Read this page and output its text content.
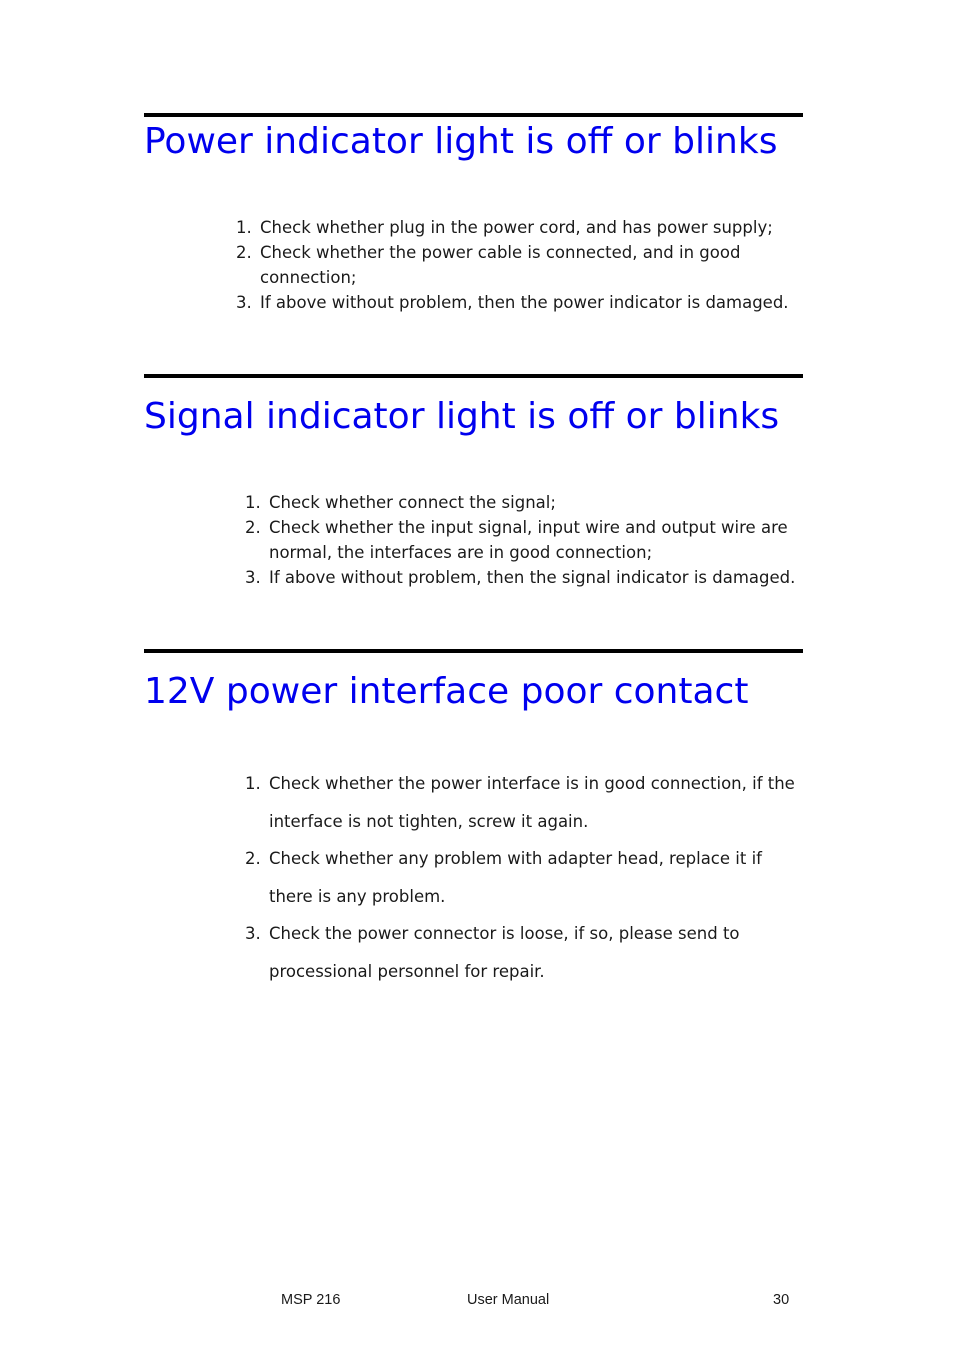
Power indicator light is off or blinks
1. Check whether plug in the power cord, and has power supply;
2. Check whether the power cable is connected, and in good
connection;
3. If above without problem, then the power indicator is damaged.
Signal indicator light is off or blinks
1. Check whether connect the signal;
2. Check whether the input signal, input wire and output wire are
normal, the interfaces are in good connection;
3. If above without problem, then the signal indicator is damaged.
12V power interface poor contact
1. Check whether the power interface is in good connection, if the
interface is not tighten, screw it again.
2. Check whether any problem with adapter head, replace it if
there is any problem.
3. Check the power connector is loose, if so, please send to
processional personnel for repair.
MSP 216	User Manual	30
